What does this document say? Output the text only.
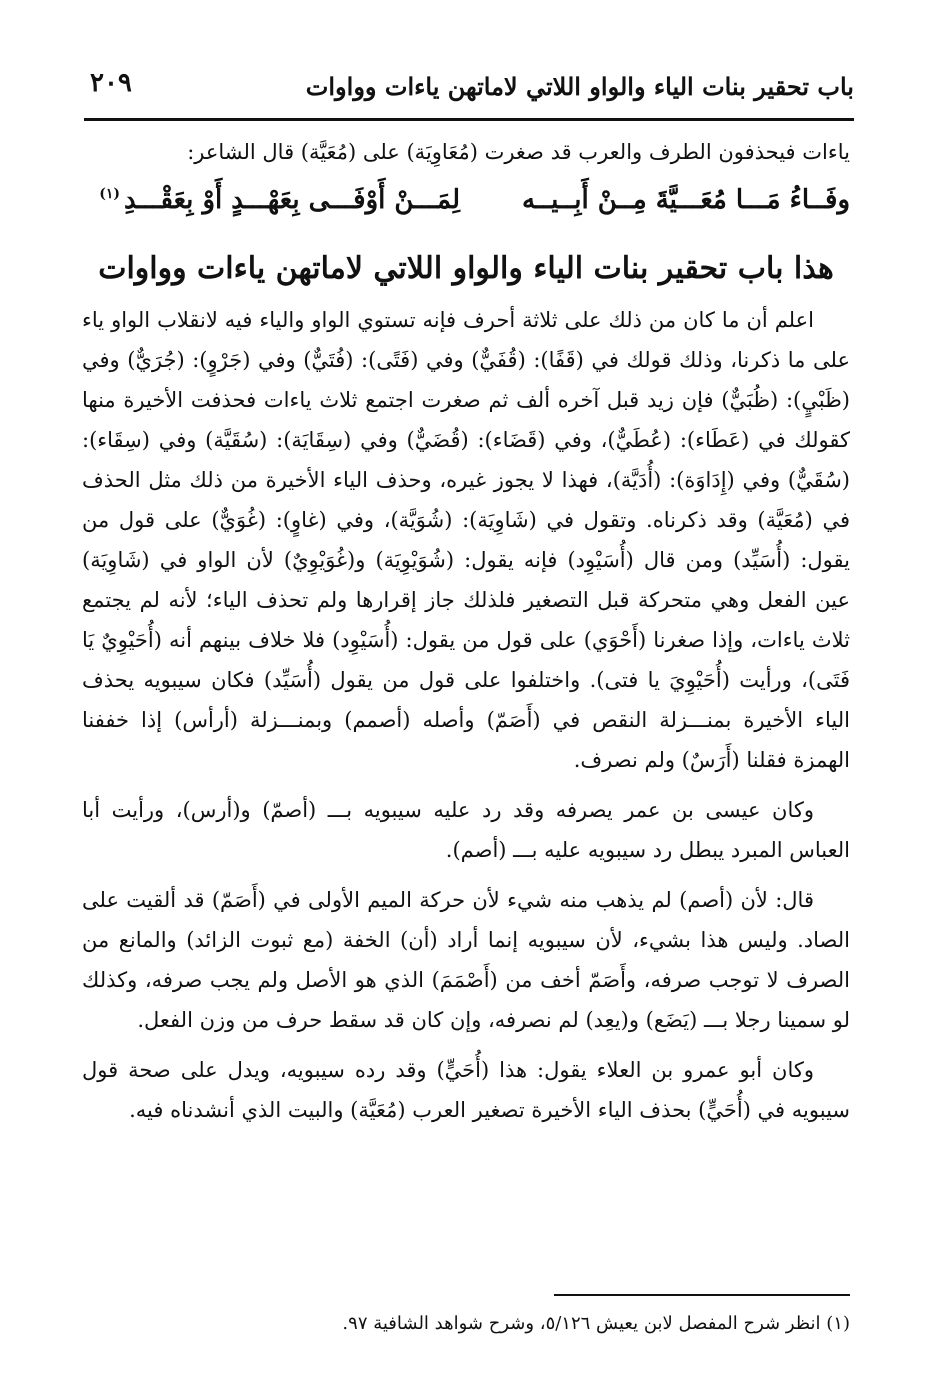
باب تحقير بنات الياء والواو اللاتي لاماتهن ياءات وواوات
٢٠٩

ياءات فيحذفون الطرف والعرب قد صغرت (مُعَاوِيَة) على (مُعَيَّة) قال الشاعر:

وفَــاءُ مَـــا مُعَـــيَّةَ مِــنْ أَبِــيــه
لِمَـــنْ أَوْفَـــى بِعَهْـــدٍ أَوْ بِعَقْـــدِ
(١)
هذا باب تحقير بنات الياء والواو اللاتي لاماتهن ياءات وواوات

اعلم أن ما كان من ذلك على ثلاثة أحرف فإنه تستوي الواو والياء فيه لانقلاب الواو ياء على ما ذكرنا، وذلك قولك في (قَفًا): (قُفَيٌّ) وفي (فَتًى): (فُتَيٌّ) وفي (جَرْوٍ): (جُرَيٌّ) وفي (ظَبْيٍ): (ظُبَيٌّ) فإن زيد قبل آخره ألف ثم صغرت اجتمع ثلاث ياءات فحذفت الأخيرة منها كقولك في (عَطَاء): (عُطَيٌّ)، وفي (قَضَاء): (قُضَيٌّ) وفي (سِقَايَة): (سُقَيَّة) وفي (سِقَاء): (سُقَيٌّ) وفي (إِدَاوَة): (أُدَيَّة)، فهذا لا يجوز غيره، وحذف الياء الأخيرة من ذلك مثل الحذف في (مُعَيَّة) وقد ذكرناه. وتقول في (شَاوِيَة): (شُوَيَّة)، وفي (غاوٍ): (غُوَيٌّ) على قول من يقول: (أُسَيِّد) ومن قال (أُسَيْوِد) فإنه يقول: (شُوَيْوِيَة) و(غُوَيْوِيٌ) لأن الواو في (شَاوِيَة) عين الفعل وهي متحركة قبل التصغير فلذلك جاز إقرارها ولم تحذف الياء؛ لأنه لم يجتمع ثلاث ياءات، وإذا صغرنا (أَحْوَي) على قول من يقول: (أُسَيْوِد) فلا خلاف بينهم أنه (أُحَيْوِيٌ يَا فَتَى)، ورأيت (أُحَيْوِيَ يا فتى). واختلفوا على قول من يقول (أُسَيِّد) فكان سيبويه يحذف الياء الأخيرة بمنـــزلة النقص في (أَصَمّ) وأصله (أصمم) وبمنـــزلة (أرأس) إذا خففنا الهمزة فقلنا (أَرَسٌ) ولم نصرف.

وكان عيسى بن عمر يصرفه وقد رد عليه سيبويه بـــ (أصمّ) و(أرس)، ورأيت أبا العباس المبرد يبطل رد سيبويه عليه بـــ (أصم).

قال: لأن (أصم) لم يذهب منه شيء لأن حركة الميم الأولى في (أَصَمّ) قد ألقيت على الصاد. وليس هذا بشيء، لأن سيبويه إنما أراد (أن) الخفة (مع ثبوت الزائد) والمانع من الصرف لا توجب صرفه، وأَصَمّ أخف من (أَصْمَمَ) الذي هو الأصل ولم يجب صرفه، وكذلك لو سمينا رجلا بـــ (يَضَع) و(يعِد) لم نصرفه، وإن كان قد سقط حرف من وزن الفعل.

وكان أبو عمرو بن العلاء يقول: هذا (أُحَيٍّ) وقد رده سيبويه، ويدل على صحة قول سيبويه في (أُحَيٍّ) بحذف الياء الأخيرة تصغير العرب (مُعَيَّة) والبيت الذي أنشدناه فيه.

(١) انظر شرح المفصل لابن يعيش ٥/١٢٦، وشرح شواهد الشافية ٩٧.
